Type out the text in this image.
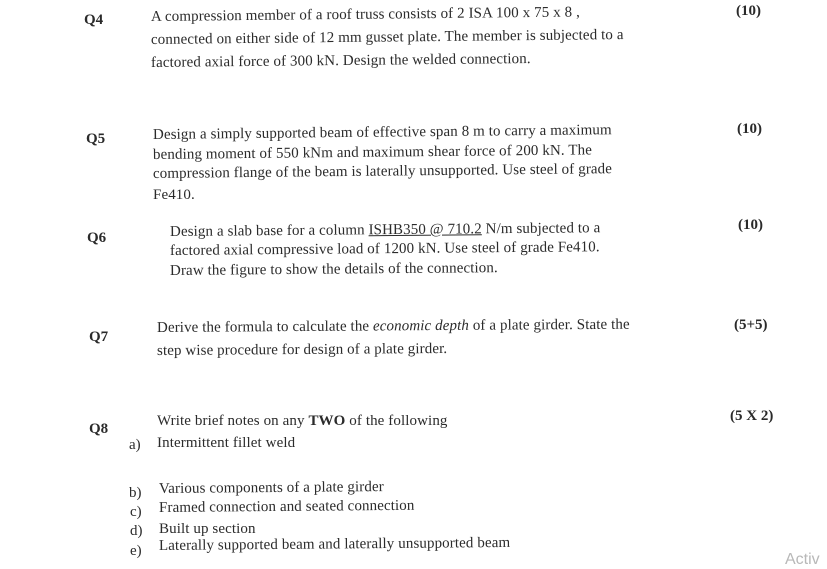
Q4
(10)
A compression member of a roof truss consists of 2 ISA 100 x 75 x 8 ,
connected on either side of 12 mm gusset plate. The member is subjected to a
factored axial force of 300 kN. Design the welded connection.
Q5
(10)
Design a simply supported beam of effective span 8 m to carry a maximum
bending moment of 550 kNm and maximum shear force of 200 kN. The
compression flange of the beam is laterally unsupported. Use steel of grade
Fe410.
Q6
(10)
Design a slab base for a column ISHB350 @ 710.2 N/m subjected to a
factored axial compressive load of 1200 kN. Use steel of grade Fe410.
Draw the figure to show the details of the connection.
Q7
(5+5)
Derive the formula to calculate the economic depth of a plate girder. State the
step wise procedure for design of a plate girder.
Q8
(5 X 2)
Write brief notes on any TWO of the following
a) Intermittent fillet weld
b) Various components of a plate girder
c) Framed connection and seated connection
d) Built up section
e) Laterally supported beam and laterally unsupported beam
Activ
